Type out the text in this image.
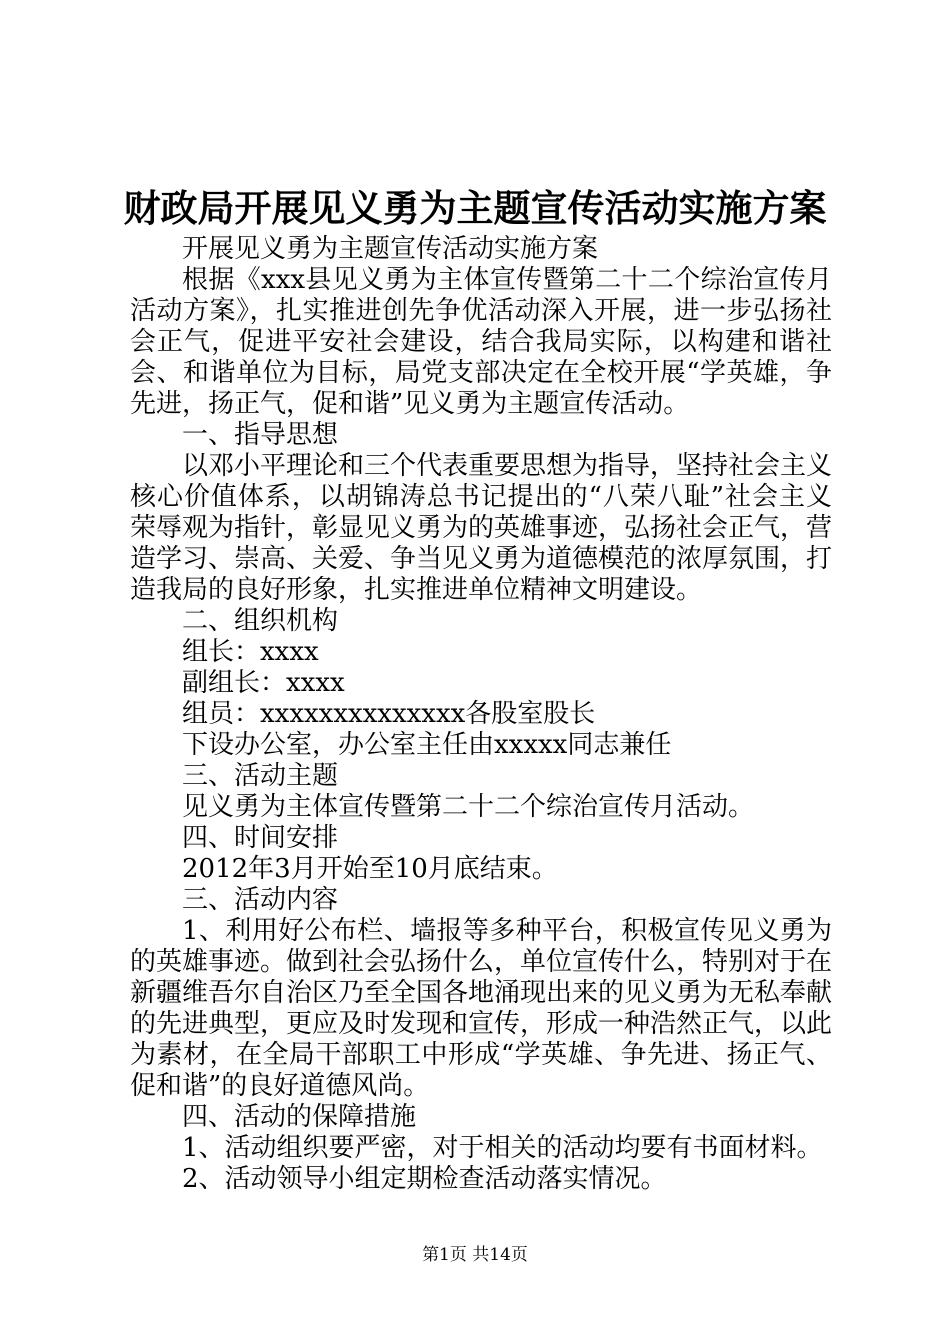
财政局开展见义勇为主题宣传活动实施方案

开展见义勇为主题宣传活动实施方案

根据《xxx县见义勇为主体宣传暨第二十二个综治宣传月活动方案》，扎实推进创先争优活动深入开展，进一步弘扬社会正气，促进平安社会建设，结合我局实际，以构建和谐社会、和谐单位为目标，局党支部决定在全校开展“学英雄，争先进，扬正气，促和谐”见义勇为主题宣传活动。

一、指导思想

以邓小平理论和三个代表重要思想为指导，坚持社会主义核心价值体系，以胡锦涛总书记提出的“八荣八耻”社会主义荣辱观为指针，彰显见义勇为的英雄事迹，弘扬社会正气，营造学习、崇高、关爱、争当见义勇为道德模范的浓厚氛围，打造我局的良好形象，扎实推进单位精神文明建设。

二、组织机构

组长：xxxx

副组长：xxxx

组员：xxxxxxxxxxxxxx各股室股长

下设办公室，办公室主任由xxxxx同志兼任

三、活动主题

见义勇为主体宣传暨第二十二个综治宣传月活动。

四、时间安排

2012年3月开始至10月底结束。

三、活动内容

1、利用好公布栏、墙报等多种平台，积极宣传见义勇为的英雄事迹。做到社会弘扬什么，单位宣传什么，特别对于在新疆维吾尔自治区乃至全国各地涌现出来的见义勇为无私奉献的先进典型，更应及时发现和宣传，形成一种浩然正气，以此为素材，在全局干部职工中形成“学英雄、争先进、扬正气、促和谐”的良好道德风尚。

四、活动的保障措施

1、活动组织要严密，对于相关的活动均要有书面材料。

2、活动领导小组定期检查活动落实情况。

第1页 共14页
